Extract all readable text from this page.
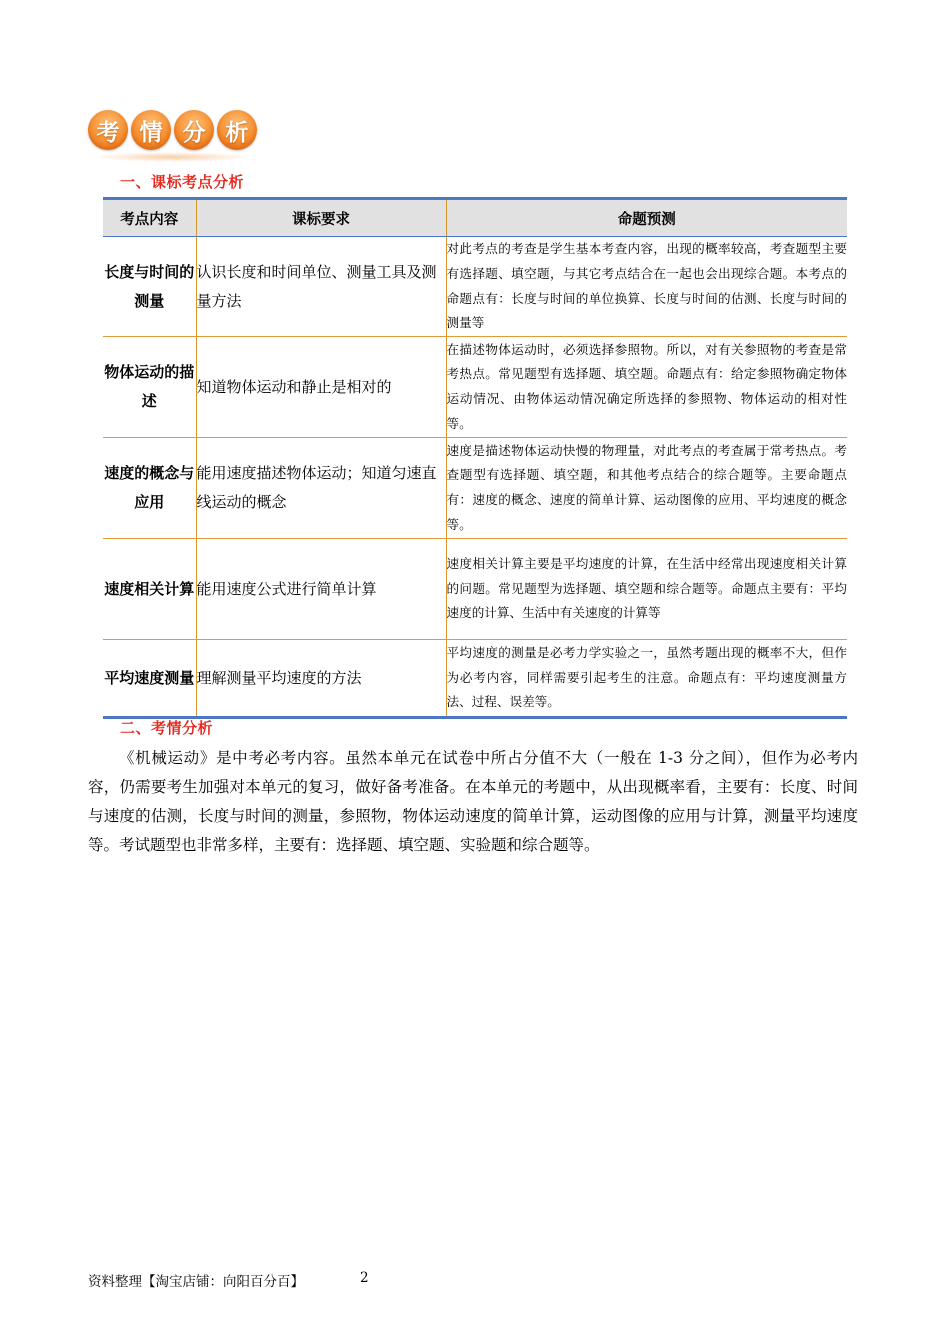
考 情 分 析
一、课标考点分析
考点内容	课标要求	命题预测
长度与时间的测量	认识长度和时间单位、测量工具及测量方法	对此考点的考查是学生基本考查内容，出现的概率较高，考查题型主要有选择题、填空题，与其它考点结合在一起也会出现综合题。本考点的命题点有：长度与时间的单位换算、长度与时间的估测、长度与时间的测量等
物体运动的描述	知道物体运动和静止是相对的	在描述物体运动时，必须选择参照物。所以，对有关参照物的考查是常考热点。常见题型有选择题、填空题。命题点有：给定参照物确定物体运动情况、由物体运动情况确定所选择的参照物、物体运动的相对性等。
速度的概念与应用	能用速度描述物体运动；知道匀速直线运动的概念	速度是描述物体运动快慢的物理量，对此考点的考查属于常考热点。考查题型有选择题、填空题，和其他考点结合的综合题等。主要命题点有：速度的概念、速度的简单计算、运动图像的应用、平均速度的概念等。
速度相关计算	能用速度公式进行简单计算	速度相关计算主要是平均速度的计算，在生活中经常出现速度相关计算的问题。常见题型为选择题、填空题和综合题等。命题点主要有：平均速度的计算、生活中有关速度的计算等
平均速度测量	理解测量平均速度的方法	平均速度的测量是必考力学实验之一，虽然考题出现的概率不大，但作为必考内容，同样需要引起考生的注意。命题点有：平均速度测量方法、过程、误差等。
二、考情分析
《机械运动》是中考必考内容。虽然本单元在试卷中所占分值不大（一般在 1-3 分之间），但作为必考内容，仍需要考生加强对本单元的复习，做好备考准备。在本单元的考题中，从出现概率看，主要有：长度、时间与速度的估测，长度与时间的测量，参照物，物体运动速度的简单计算，运动图像的应用与计算，测量平均速度等。考试题型也非常多样，主要有：选择题、填空题、实验题和综合题等。
资料整理【淘宝店铺：向阳百分百】	2
